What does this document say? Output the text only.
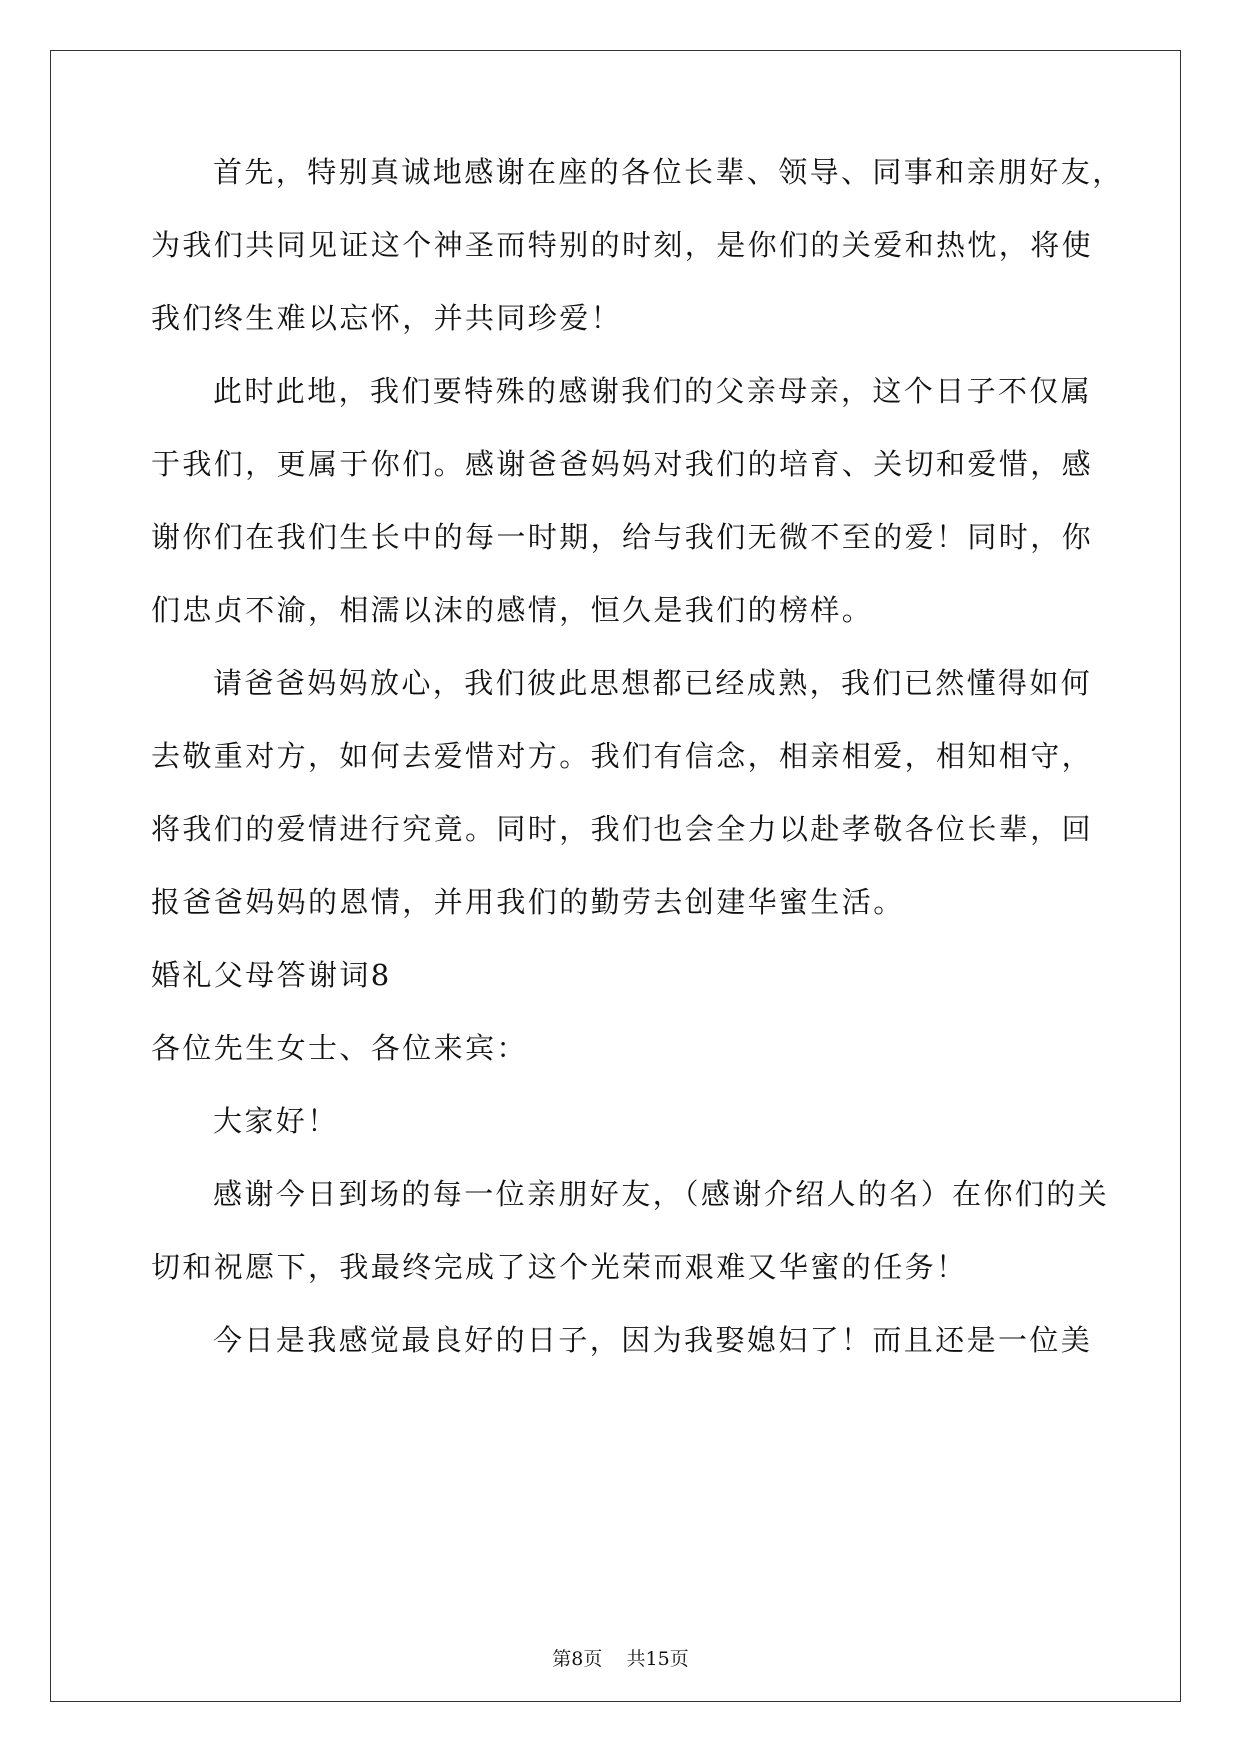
首先，特别真诚地感谢在座的各位长辈、领导、同事和亲朋好友，
为我们共同见证这个神圣而特别的时刻，是你们的关爱和热忱，将使
我们终生难以忘怀，并共同珍爱！
此时此地，我们要特殊的感谢我们的父亲母亲，这个日子不仅属
于我们，更属于你们。感谢爸爸妈妈对我们的培育、关切和爱惜，感
谢你们在我们生长中的每一时期，给与我们无微不至的爱！同时，你
们忠贞不渝，相濡以沫的感情，恒久是我们的榜样。
请爸爸妈妈放心，我们彼此思想都已经成熟，我们已然懂得如何
去敬重对方，如何去爱惜对方。我们有信念，相亲相爱，相知相守，
将我们的爱情进行究竟。同时，我们也会全力以赴孝敬各位长辈，回
报爸爸妈妈的恩情，并用我们的勤劳去创建华蜜生活。
婚礼父母答谢词8
各位先生女士、各位来宾：
大家好！
感谢今日到场的每一位亲朋好友，（感谢介绍人的名）在你们的关
切和祝愿下，我最终完成了这个光荣而艰难又华蜜的任务！
今日是我感觉最良好的日子，因为我娶媳妇了！而且还是一位美
第8页    共15页
